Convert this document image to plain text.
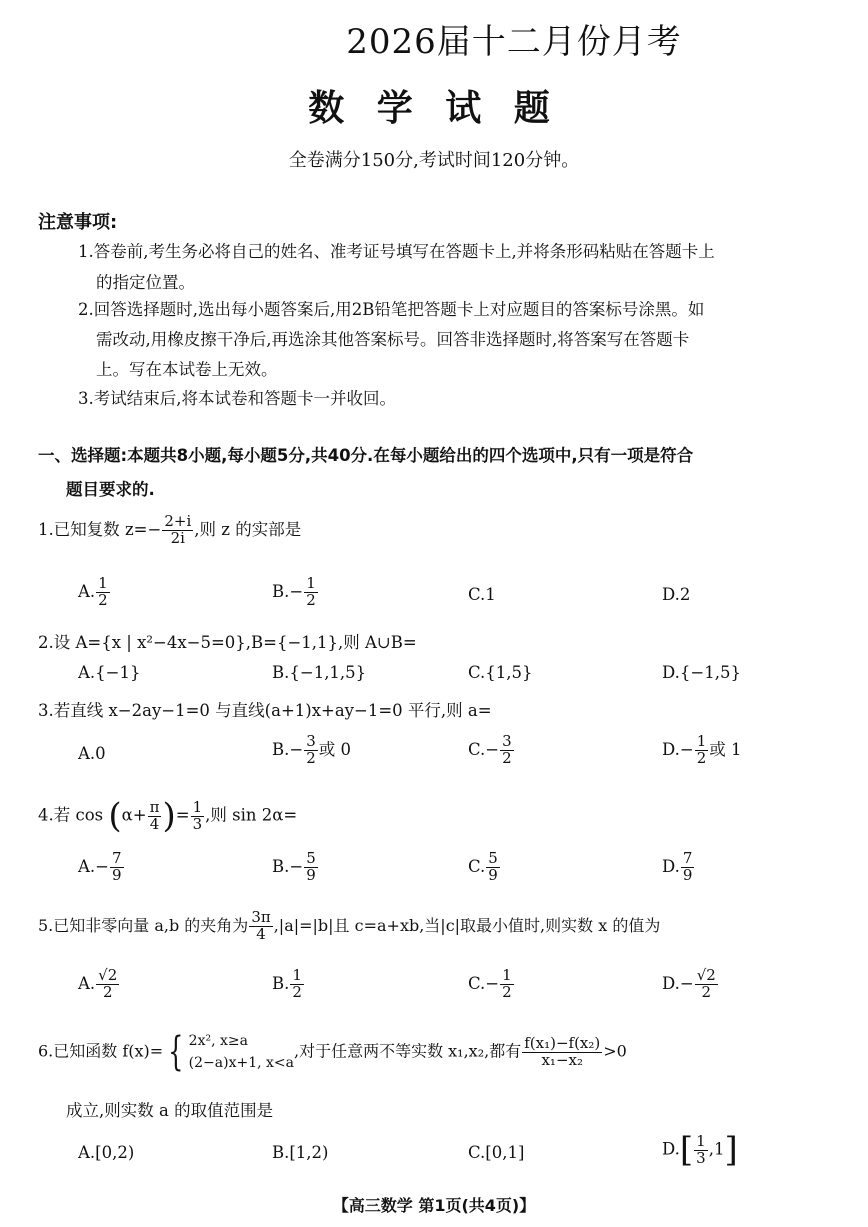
2026届十二月份月考
数 学 试 题
全卷满分150分,考试时间120分钟。
注意事项:
1.答卷前,考生务必将自己的姓名、准考证号填写在答题卡上,并将条形码粘贴在答题卡上
的指定位置。
2.回答选择题时,选出每小题答案后,用2B铅笔把答题卡上对应题目的答案标号涂黑。如
需改动,用橡皮擦干净后,再选涂其他答案标号。回答非选择题时,将答案写在答题卡
上。写在本试卷上无效。
3.考试结束后,将本试卷和答题卡一并收回。
一、选择题:本题共8小题,每小题5分,共40分.在每小题给出的四个选项中,只有一项是符合
题目要求的.
1.已知复数 $z=- \frac{2+i}{2i}$ ,则 z 的实部是
A. $\frac{1}{2}$	$B.- \frac{1}{2}$	C.1	D.2
2.设 A={x | x²−4x−5=0},B={−1,1},则 A∪B=
A.{−1}	B.{−1,1,5}	C.{1,5}	D.{−1,5}
3.若直线 x−2ay−1=0 与直线(a+1)x+ay−1=0 平行,则 a=
A.0	$B.- \frac{3}{2}$ 或 0	$C.- \frac{3}{2}$	$D.- \frac{1}{2}$ 或 1
4.若 $\cos (\alpha+ \frac{\pi}{4}$ )= $\frac{1}{3}$ ,则 sin 2α=
$A.- \frac{7}{9}$	$B.- \frac{5}{9}$	C. $\frac{5}{9}$	D. $\frac{7}{9}$
5.已知非零向量 a,b 的夹角为 $\frac{3\pi}{4} ,|a|=|b|$且 c=a+xb,当|c|取最小值时,则实数 x 的值为
A. $\frac{√2}{2}$	B. $\frac{1}{2}$	$C.- \frac{1}{2}$	$D.- \frac{√2}{2}$
6.已知函数 f(x)= { 2x², x≥a
(2−a)x+1, x<a,对于任意两不等实数 x₁,x₂,都有 $\frac{\text{f(x₁)−f(x₂)}}{\text{x₁−x₂}} >0$
成立,则实数 a 的取值范围是
A.[0,2)	B.[1,2)	C.[0,1]	$D.[ \frac{1}{3} ,1]$
【高三数学 第1页(共4页)】
